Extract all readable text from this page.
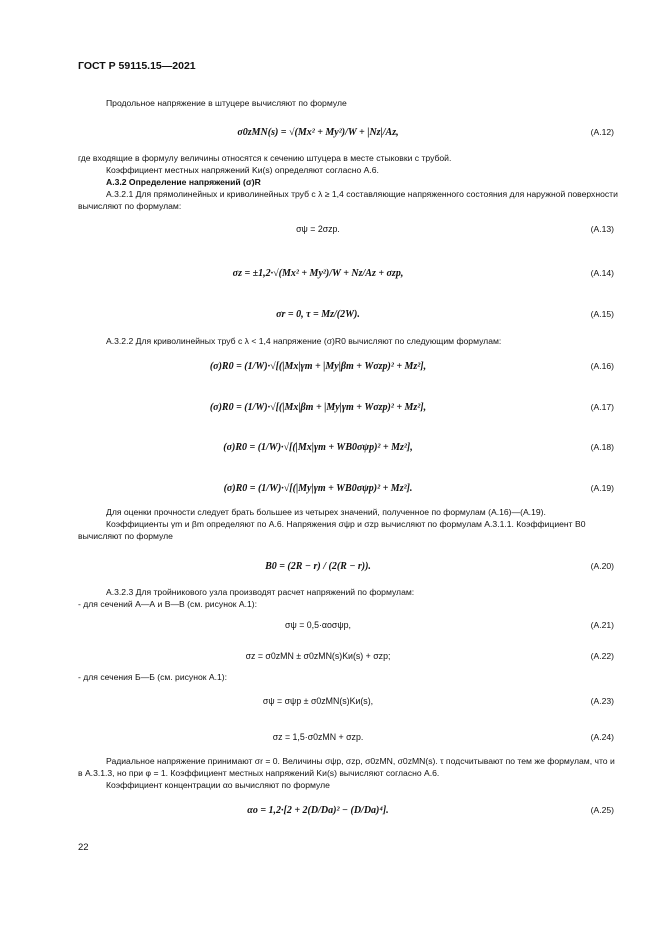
ГОСТ Р 59115.15—2021
Продольное напряжение в штуцере вычисляют по формуле
σ0zMN(s) = √(Mx² + My²)/W + |Nz|/Az,	(А.12)
где входящие в формулу величины относятся к сечению штуцера в месте стыковки с трубой.
Коэффициент местных напряжений Kи(s) определяют согласно А.6.
А.3.2 Определение напряжений (σ)R
А.3.2.1 Для прямолинейных и криволинейных труб с λ ≥ 1,4 составляющие напряженного состояния для наружной поверхности вычисляют по формулам:
σψ = 2σzp.	(А.13)
σz = ±1,2·√(Mx² + My²)/W + Nz/Az + σzp,	(А.14)
σr = 0, τ = Mz/(2W).	(А.15)
А.3.2.2 Для криволинейных труб с λ < 1,4 напряжение (σ)R0 вычисляют по следующим формулам:
(σ)R0 = (1/W)·√[(|Mx|γm + |My|βm + Wσzp)² + Mz²],	(А.16)
(σ)R0 = (1/W)·√[(|Mx|βm + |My|γm + Wσzp)² + Mz²],	(А.17)
(σ)R0 = (1/W)·√[(|Mx|γm + WB0σψp)² + Mz²],	(А.18)
(σ)R0 = (1/W)·√[(|My|γm + WB0σψp)² + Mz²].	(А.19)
Для оценки прочности следует брать большее из четырех значений, полученное по формулам (А.16)—(А.19).
Коэффициенты γm и βm определяют по А.6. Напряжения σψp и σzp вычисляют по формулам А.3.1.1. Коэффициент B0 вычисляют по формуле
B0 = (2R − r) / (2(R − r)).	(А.20)
А.3.2.3 Для тройникового узла производят расчет напряжений по формулам:
- для сечений А—А и В—В (см. рисунок А.1):
σψ = 0,5·αoσψp,	(А.21)
σz = σ0zMN ± σ0zMN(s)Kи(s) + σzp;	(А.22)
- для сечения Б—Б (см. рисунок А.1):
σψ = σψp ± σ0zMN(s)Kи(s),	(А.23)
σz = 1,5·σ0zMN + σzp.	(А.24)
Радиальное напряжение принимают σr = 0. Величины σψp, σzp, σ0zMN, σ0zMN(s). τ подсчитывают по тем же формулам, что и в А.3.1.3, но при φ = 1. Коэффициент местных напряжений Kи(s) вычисляют согласно А.6.
Коэффициент концентрации αo вычисляют по формуле
αo = 1,2·[2 + 2(D/Da)² − (D/Da)⁴].	(А.25)
22
